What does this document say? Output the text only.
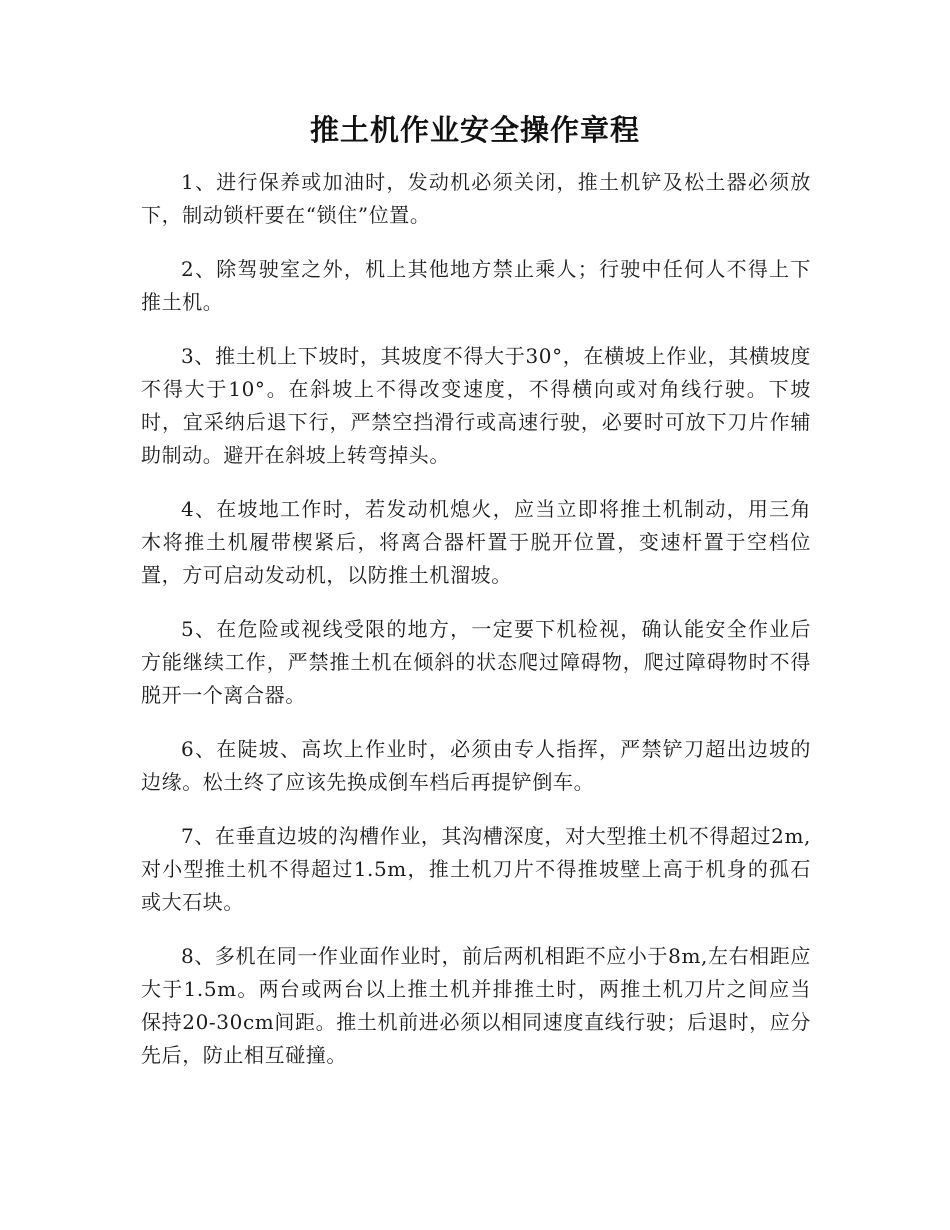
推土机作业安全操作章程

1、进行保养或加油时，发动机必须关闭，推土机铲及松土器必须放下，制动锁杆要在“锁住”位置。

2、除驾驶室之外，机上其他地方禁止乘人；行驶中任何人不得上下推土机。

3、推土机上下坡时，其坡度不得大于30°，在横坡上作业，其横坡度不得大于10°。在斜坡上不得改变速度，不得横向或对角线行驶。下坡时，宜采纳后退下行，严禁空挡滑行或高速行驶，必要时可放下刀片作辅助制动。避开在斜坡上转弯掉头。

4、在坡地工作时，若发动机熄火，应当立即将推土机制动，用三角木将推土机履带楔紧后，将离合器杆置于脱开位置，变速杆置于空档位置，方可启动发动机，以防推土机溜坡。

5、在危险或视线受限的地方，一定要下机检视，确认能安全作业后方能继续工作，严禁推土机在倾斜的状态爬过障碍物，爬过障碍物时不得脱开一个离合器。

6、在陡坡、高坎上作业时，必须由专人指挥，严禁铲刀超出边坡的边缘。松土终了应该先换成倒车档后再提铲倒车。

7、在垂直边坡的沟槽作业，其沟槽深度，对大型推土机不得超过2m,对小型推土机不得超过1.5m，推土机刀片不得推坡壁上高于机身的孤石或大石块。

8、多机在同一作业面作业时，前后两机相距不应小于8m,左右相距应大于1.5m。两台或两台以上推土机并排推土时，两推土机刀片之间应当保持20-30cm间距。推土机前进必须以相同速度直线行驶；后退时，应分先后，防止相互碰撞。
